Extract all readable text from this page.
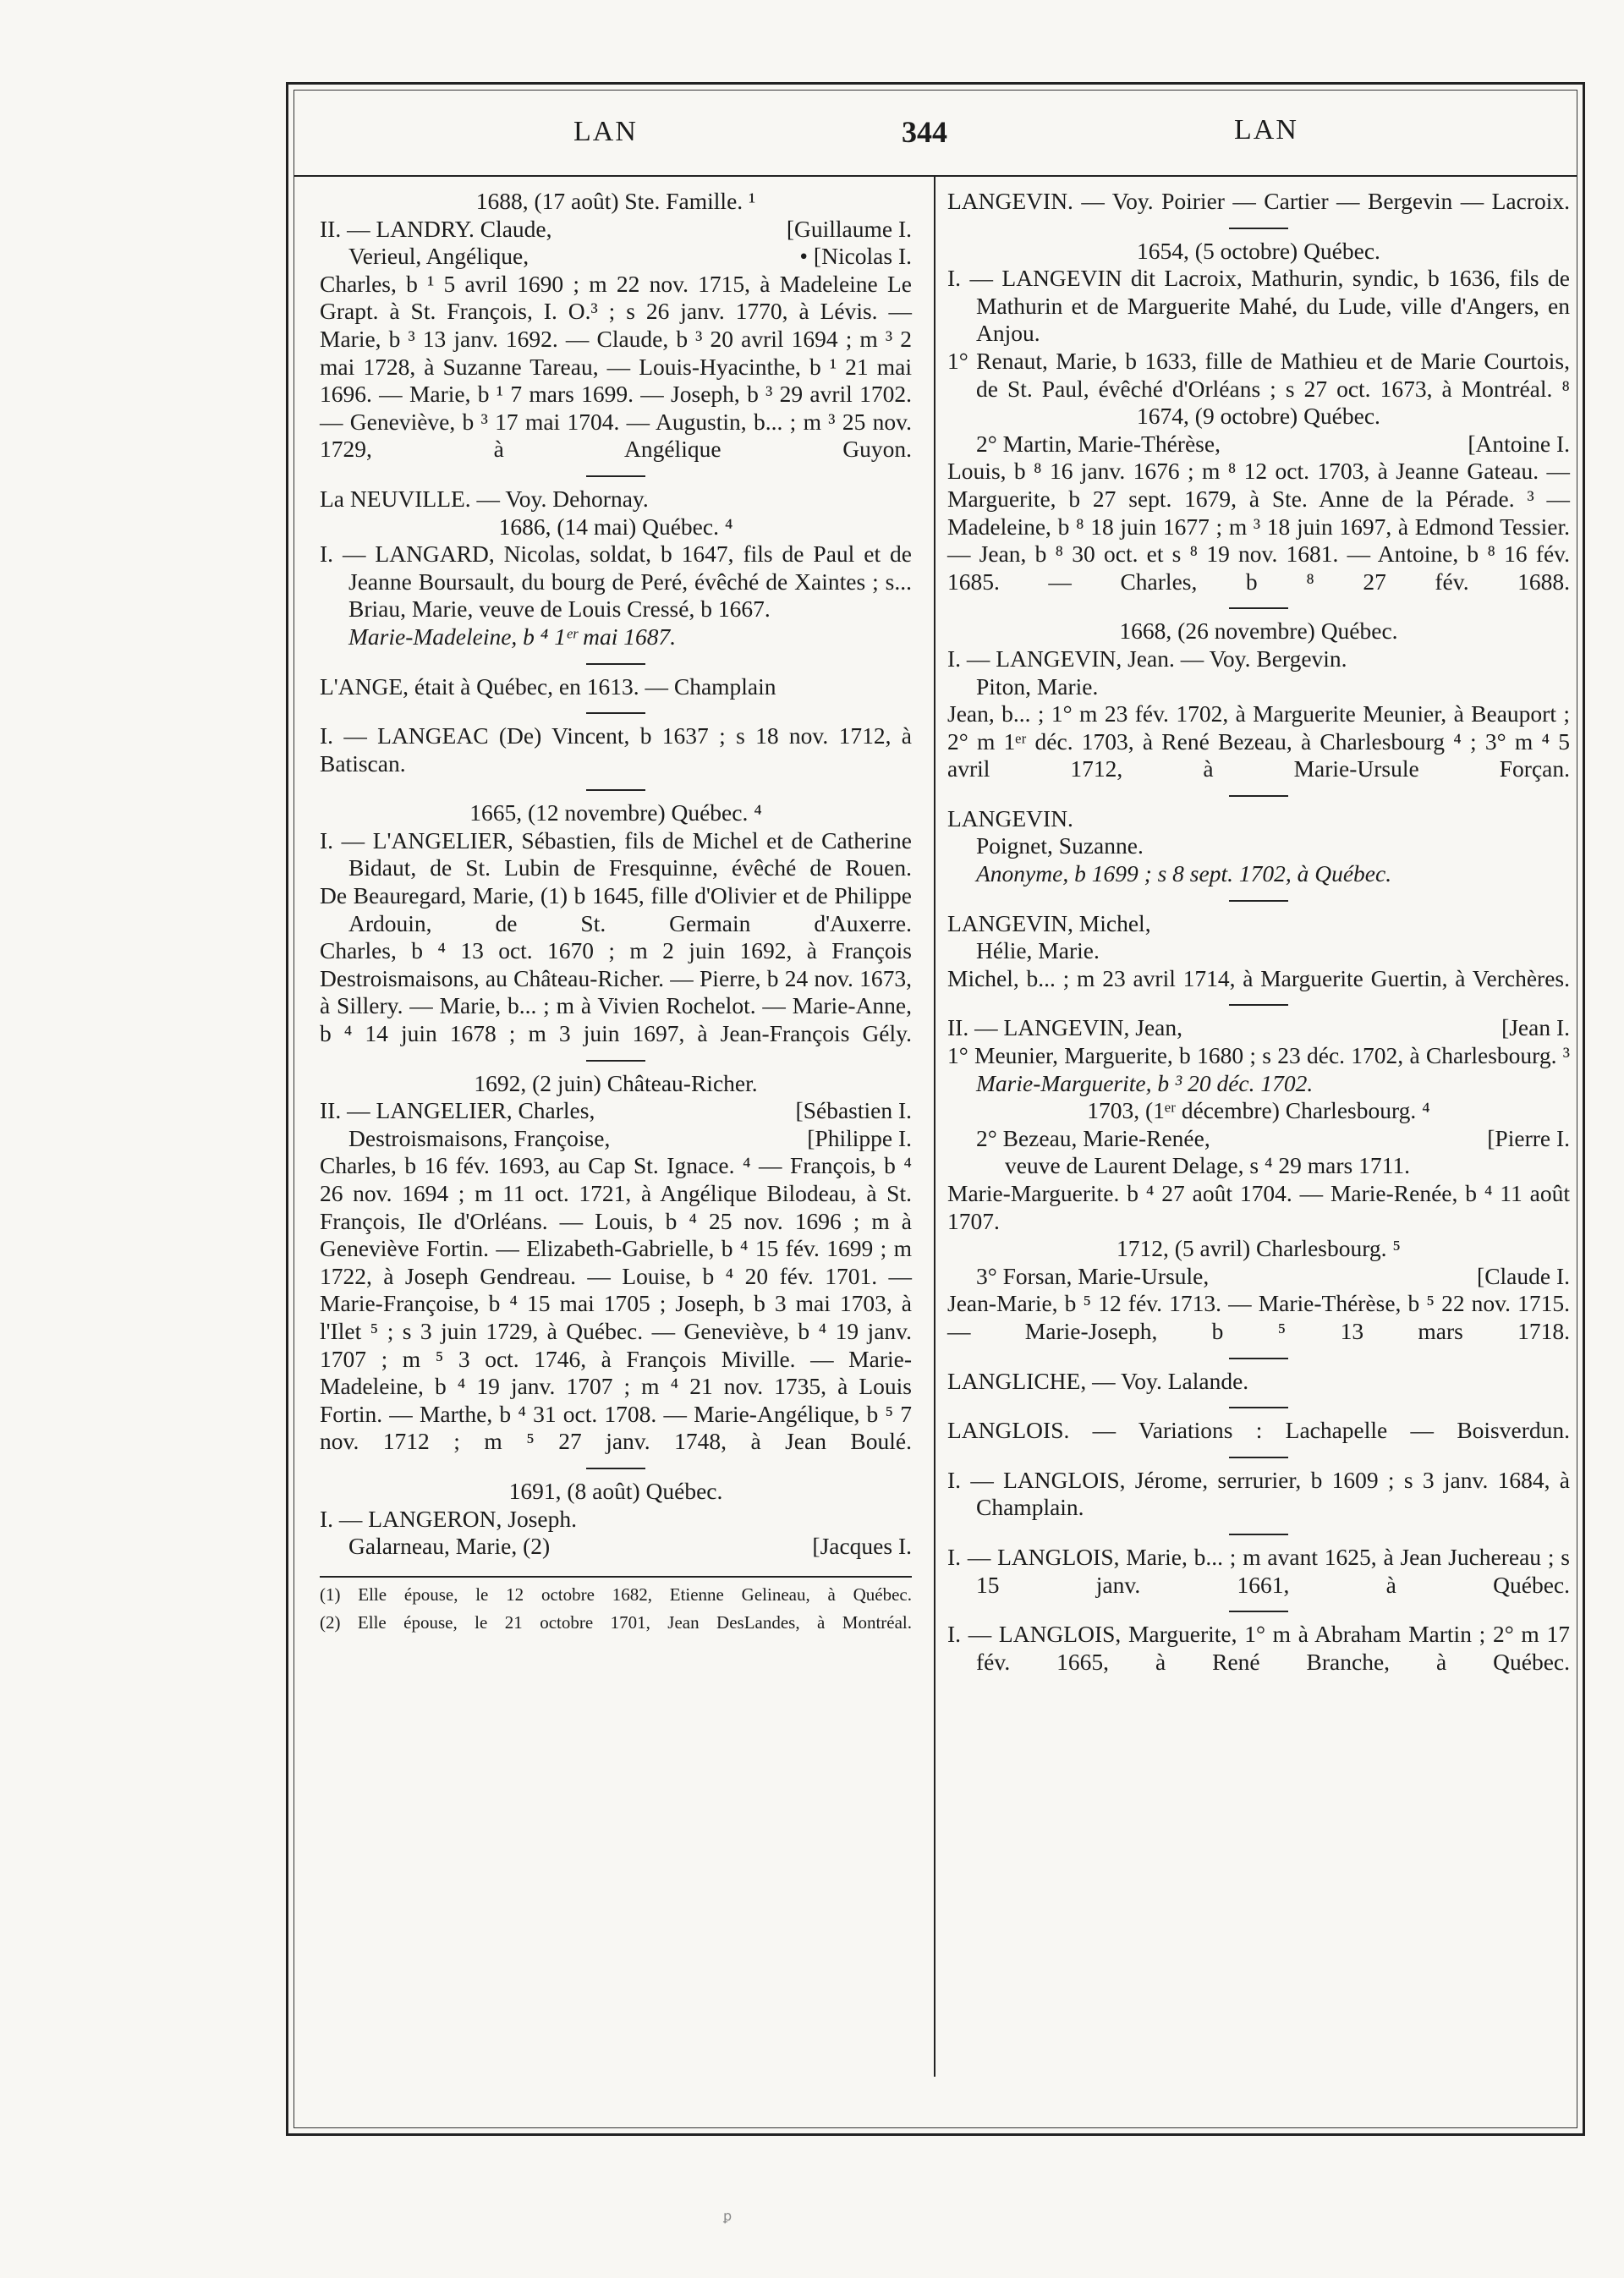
LAN	344	LAN

1688, (17 août) Ste. Famille. ¹

II. — LANDRY. Claude,	[Guillaume I.

Verieul, Angélique,	• [Nicolas I.

Charles, b ¹ 5 avril 1690 ; m 22 nov. 1715, à Madeleine Le Grapt. à St. François, I. O.³ ; s 26 janv. 1770, à Lévis. — Marie, b ³ 13 janv. 1692. — Claude, b ³ 20 avril 1694 ; m ³ 2 mai 1728, à Suzanne Tareau, — Louis-Hyacinthe, b ¹ 21 mai 1696. — Marie, b ¹ 7 mars 1699. — Joseph, b ³ 29 avril 1702. — Geneviève, b ³ 17 mai 1704. — Augustin, b... ; m ³ 25 nov. 1729, à Angélique Guyon.

La NEUVILLE. — Voy. Dehornay.

1686, (14 mai) Québec. ⁴

I. — LANGARD, Nicolas, soldat, b 1647, fils de Paul et de Jeanne Boursault, du bourg de Peré, évêché de Xaintes ; s...

Briau, Marie, veuve de Louis Cressé, b 1667.

Marie-Madeleine, b ⁴ 1ᵉʳ mai 1687.

L'ANGE, était à Québec, en 1613. — Champlain

I. — LANGEAC (De) Vincent, b 1637 ; s 18 nov. 1712, à Batiscan.

1665, (12 novembre) Québec. ⁴

I. — L'ANGELIER, Sébastien, fils de Michel et de Catherine Bidaut, de St. Lubin de Fresquinne, évêché de Rouen.

De Beauregard, Marie, (1) b 1645, fille d'Olivier et de Philippe Ardouin, de St. Germain d'Auxerre.

Charles, b ⁴ 13 oct. 1670 ; m 2 juin 1692, à François Destroismaisons, au Château-Richer. — Pierre, b 24 nov. 1673, à Sillery. — Marie, b... ; m à Vivien Rochelot. — Marie-Anne, b ⁴ 14 juin 1678 ; m 3 juin 1697, à Jean-François Gély.

1692, (2 juin) Château-Richer.

II. — LANGELIER, Charles,	[Sébastien I.

Destroismaisons, Françoise,	[Philippe I.

Charles, b 16 fév. 1693, au Cap St. Ignace. ⁴ — François, b ⁴ 26 nov. 1694 ; m 11 oct. 1721, à Angélique Bilodeau, à St. François, Ile d'Orléans. — Louis, b ⁴ 25 nov. 1696 ; m à Geneviève Fortin. — Elizabeth-Gabrielle, b ⁴ 15 fév. 1699 ; m 1722, à Joseph Gendreau. — Louise, b ⁴ 20 fév. 1701. — Marie-Françoise, b ⁴ 15 mai 1705 ; Joseph, b 3 mai 1703, à l'Ilet ⁵ ; s 3 juin 1729, à Québec. — Geneviève, b ⁴ 19 janv. 1707 ; m ⁵ 3 oct. 1746, à François Miville. — Marie-Madeleine, b ⁴ 19 janv. 1707 ; m ⁴ 21 nov. 1735, à Louis Fortin. — Marthe, b ⁴ 31 oct. 1708. — Marie-Angélique, b ⁵ 7 nov. 1712 ; m ⁵ 27 janv. 1748, à Jean Boulé.

1691, (8 août) Québec.

I. — LANGERON, Joseph.

Galarneau, Marie, (2)	[Jacques I.

(1) Elle épouse, le 12 octobre 1682, Etienne Gelineau, à Québec.

(2) Elle épouse, le 21 octobre 1701, Jean DesLandes, à Montréal.

LANGEVIN. — Voy. Poirier — Cartier — Bergevin — Lacroix.

1654, (5 octobre) Québec.

I. — LANGEVIN dit Lacroix, Mathurin, syndic, b 1636, fils de Mathurin et de Marguerite Mahé, du Lude, ville d'Angers, en Anjou.

1° Renaut, Marie, b 1633, fille de Mathieu et de Marie Courtois, de St. Paul, évêché d'Orléans ; s 27 oct. 1673, à Montréal. ⁸

1674, (9 octobre) Québec.

2° Martin, Marie-Thérèse,	[Antoine I.

Louis, b ⁸ 16 janv. 1676 ; m ⁸ 12 oct. 1703, à Jeanne Gateau. — Marguerite, b 27 sept. 1679, à Ste. Anne de la Pérade. ³ — Madeleine, b ⁸ 18 juin 1677 ; m ³ 18 juin 1697, à Edmond Tessier. — Jean, b ⁸ 30 oct. et s ⁸ 19 nov. 1681. — Antoine, b ⁸ 16 fév. 1685. — Charles, b ⁸ 27 fév. 1688.

1668, (26 novembre) Québec.

I. — LANGEVIN, Jean. — Voy. Bergevin.

Piton, Marie.

Jean, b... ; 1° m 23 fév. 1702, à Marguerite Meunier, à Beauport ; 2° m 1ᵉʳ déc. 1703, à René Bezeau, à Charlesbourg ⁴ ; 3° m ⁴ 5 avril 1712, à Marie-Ursule Forçan.

LANGEVIN.

Poignet, Suzanne.

Anonyme, b 1699 ; s 8 sept. 1702, à Québec.

LANGEVIN, Michel,

Hélie, Marie.

Michel, b... ; m 23 avril 1714, à Marguerite Guertin, à Verchères.

II. — LANGEVIN, Jean,	[Jean I.

1° Meunier, Marguerite, b 1680 ; s 23 déc. 1702, à Charlesbourg. ³

Marie-Marguerite, b ³ 20 déc. 1702.

1703, (1ᵉʳ décembre) Charlesbourg. ⁴

2° Bezeau, Marie-Renée,	[Pierre I.

veuve de Laurent Delage, s ⁴ 29 mars 1711.

Marie-Marguerite. b ⁴ 27 août 1704. — Marie-Renée, b ⁴ 11 août 1707.

1712, (5 avril) Charlesbourg. ⁵

3° Forsan, Marie-Ursule,	[Claude I.

Jean-Marie, b ⁵ 12 fév. 1713. — Marie-Thérèse, b ⁵ 22 nov. 1715. — Marie-Joseph, b ⁵ 13 mars 1718.

LANGLICHE, — Voy. Lalande.

LANGLOIS. — Variations : Lachapelle — Boisverdun.

I. — LANGLOIS, Jérome, serrurier, b 1609 ; s 3 janv. 1684, à Champlain.

I. — LANGLOIS, Marie, b... ; m avant 1625, à Jean Juchereau ; s 15 janv. 1661, à Québec.

I. — LANGLOIS, Marguerite, 1° m à Abraham Martin ; 2° m 17 fév. 1665, à René Branche, à Québec.

ꝑ
